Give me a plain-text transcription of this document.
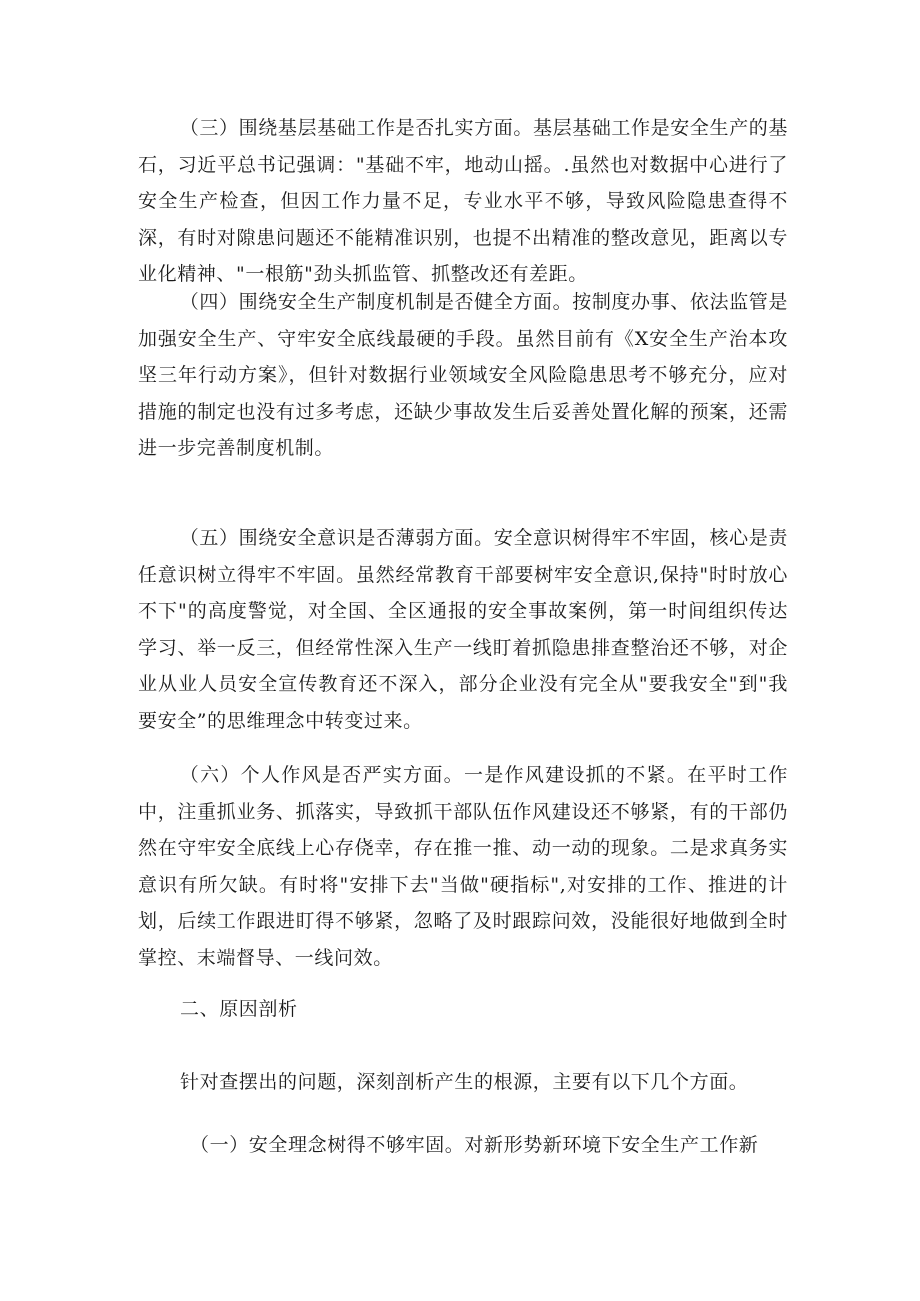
（三）围绕基层基础工作是否扎实方面。基层基础工作是安全生产的基石，习近平总书记强调："基础不牢，地动山摇。.虽然也对数据中心进行了安全生产检查，但因工作力量不足，专业水平不够，导致风险隐患查得不深，有时对隙患问题还不能精准识别，也提不出精准的整改意见，距离以专业化精神、"一根筋"劲头抓监管、抓整改还有差距。

（四）围绕安全生产制度机制是否健全方面。按制度办事、依法监管是加强安全生产、守牢安全底线最硬的手段。虽然目前有《X安全生产治本攻坚三年行动方案》，但针对数据行业领域安全风险隐患思考不够充分，应对措施的制定也没有过多考虑，还缺少事故发生后妥善处置化解的预案，还需进一步完善制度机制。

（五）围绕安全意识是否薄弱方面。安全意识树得牢不牢固，核心是责任意识树立得牢不牢固。虽然经常教育干部要树牢安全意识,保持"时时放心不下"的高度警觉，对全国、全区通报的安全事故案例，第一时间组织传达学习、举一反三，但经常性深入生产一线盯着抓隐患排查整治还不够，对企业从业人员安全宣传教育还不深入，部分企业没有完全从"要我安全"到"我要安全”的思维理念中转变过来。

（六）个人作风是否严实方面。一是作风建设抓的不紧。在平时工作中，注重抓业务、抓落实，导致抓干部队伍作风建设还不够紧，有的干部仍然在守牢安全底线上心存侥幸，存在推一推、动一动的现象。二是求真务实意识有所欠缺。有时将"安排下去"当做"硬指标",对安排的工作、推进的计划，后续工作跟进盯得不够紧，忽略了及时跟踪问效，没能很好地做到全时掌控、末端督导、一线问效。

二、原因剖析

针对查摆出的问题，深刻剖析产生的根源，主要有以下几个方面。

（一）安全理念树得不够牢固。对新形势新环境下安全生产工作新
